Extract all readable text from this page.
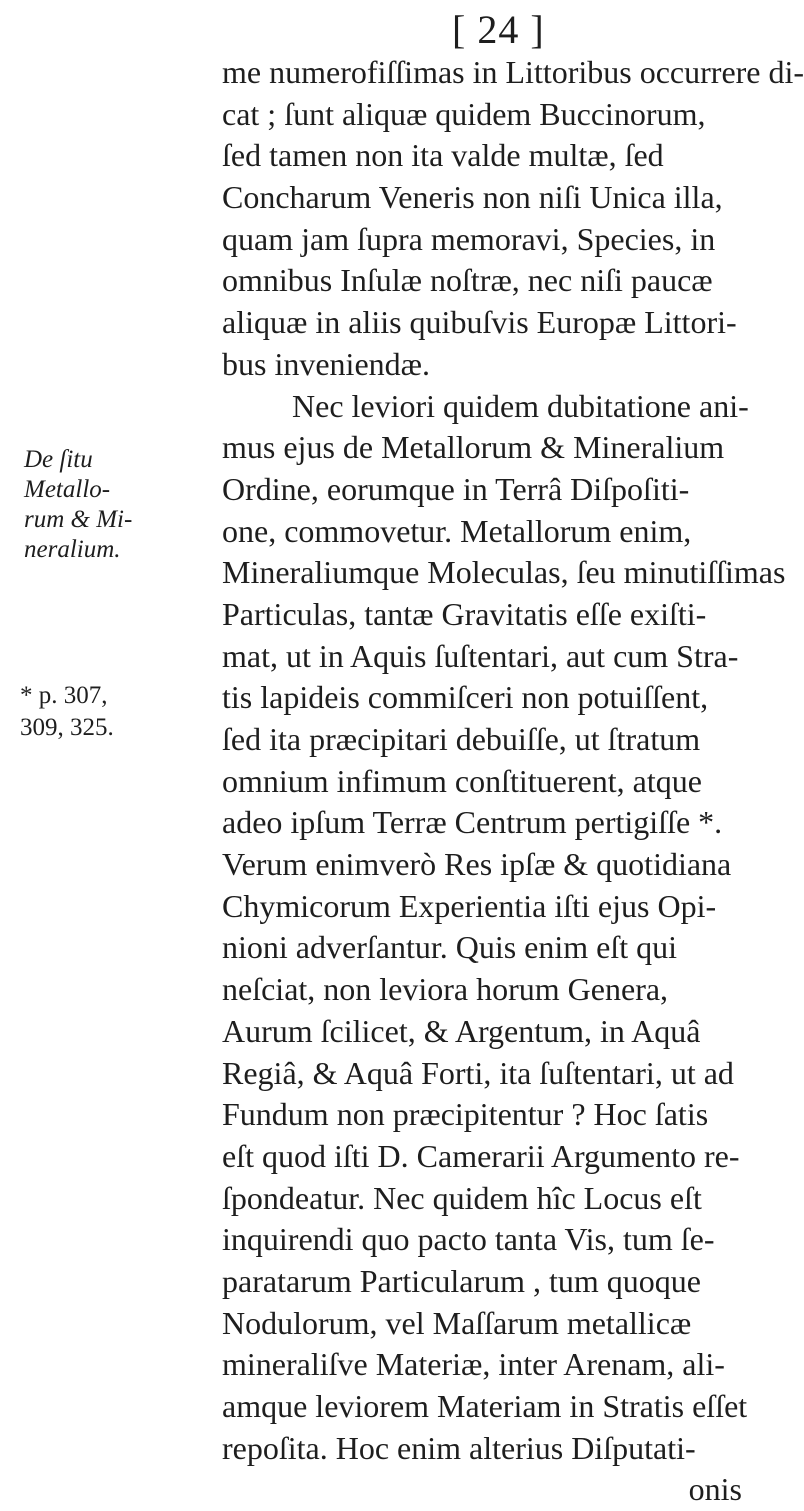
[ 24 ]
De ſitu
Metallo-
rum & Mi-
neralium.
* p. 307,
309, 325.
me numerofiſſimas in Littoribus occurrere di-
cat ; ſunt aliquæ quidem Buccinorum,
ſed tamen non ita valde multæ, ſed
Concharum Veneris non niſi Unica illa,
quam jam ſupra memoravi, Species, in
omnibus Inſulæ noſtræ, nec niſi paucæ
aliquæ in aliis quibuſvis Europæ Littori-
bus inveniendæ.
Nec leviori quidem dubitatione ani-
mus ejus de Metallorum & Mineralium
Ordine, eorumque in Terrâ Diſpoſiti-
one, commovetur. Metallorum enim,
Mineraliumque Moleculas, ſeu minutiſſimas
Particulas, tantæ Gravitatis eſſe exiſti-
mat, ut in Aquis ſuſtentari, aut cum Stra-
tis lapideis commiſceri non potuiſſent,
ſed ita præcipitari debuiſſe, ut ſtratum
omnium infimum conſtituerent, atque
adeo ipſum Terræ Centrum pertigiſſe *.
Verum enimverò Res ipſæ & quotidiana
Chymicorum Experientia iſti ejus Opi-
nioni adverſantur. Quis enim eſt qui
neſciat, non leviora horum Genera,
Aurum ſcilicet, & Argentum, in Aquâ
Regiâ, & Aquâ Forti, ita ſuſtentari, ut ad
Fundum non præcipitentur ? Hoc ſatis
eſt quod iſti D. Camerarii Argumento re-
ſpondeatur. Nec quidem hîc Locus eſt
inquirendi quo pacto tanta Vis, tum ſe-
paratarum Particularum , tum quoque
Nodulorum, vel Maſſarum metallicæ
mineraliſve Materiæ, inter Arenam, ali-
amque leviorem Materiam in Stratis eſſet
repoſita. Hoc enim alterius Diſputati-
onis
